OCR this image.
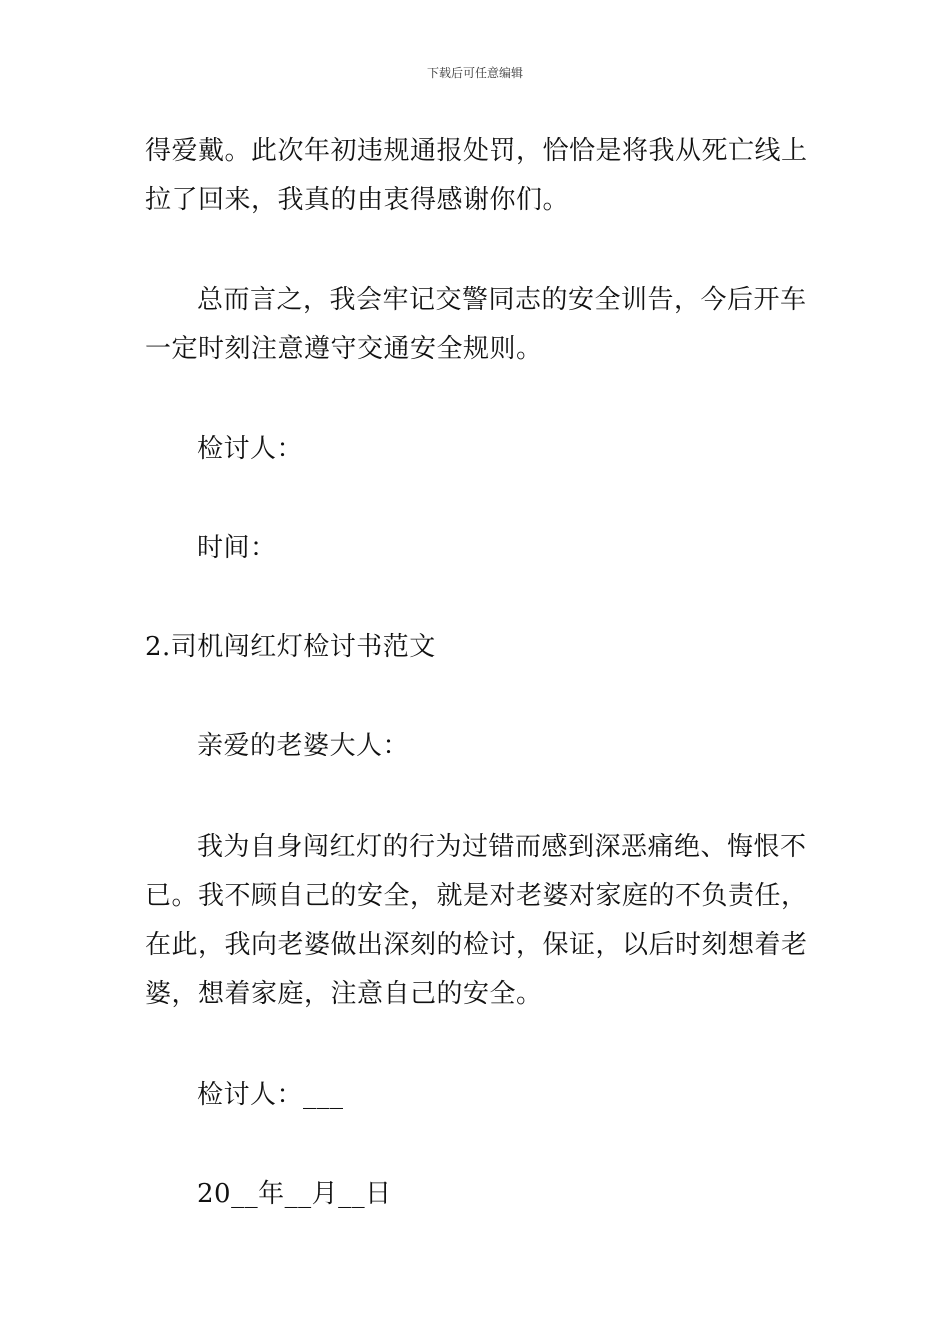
下载后可任意编辑

得爱戴。此次年初违规通报处罚，恰恰是将我从死亡线上拉了回来，我真的由衷得感谢你们。

总而言之，我会牢记交警同志的安全训告，今后开车一定时刻注意遵守交通安全规则。

检讨人：

时间：

2.司机闯红灯检讨书范文

亲爱的老婆大人：

我为自身闯红灯的行为过错而感到深恶痛绝、悔恨不已。我不顾自己的安全，就是对老婆对家庭的不负责任，在此，我向老婆做出深刻的检讨，保证，以后时刻想着老婆，想着家庭，注意自己的安全。

检讨人：___

20__年__月__日
